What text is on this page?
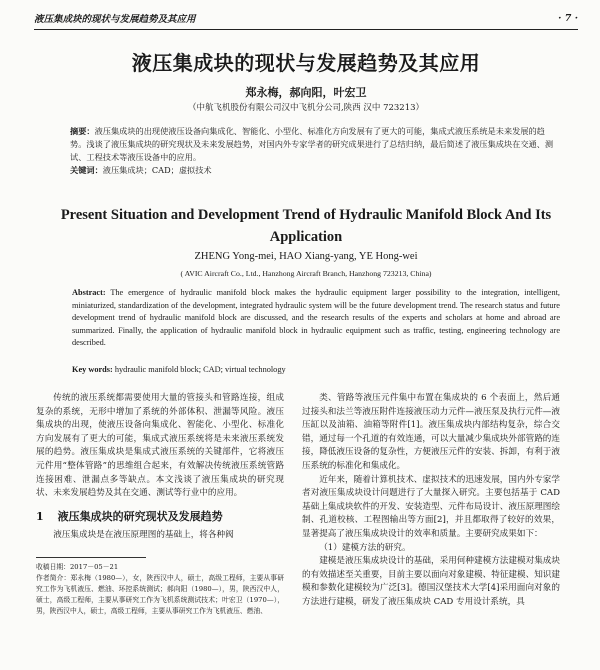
液压集成块的现状与发展趋势及其应用	· 7 ·
液压集成块的现状与发展趋势及其应用
郑永梅，郝向阳，叶宏卫
（中航飞机股份有限公司汉中飞机分公司,陕西 汉中 723213）
摘要：液压集成块的出现使液压设备向集成化、智能化、小型化、标准化方向发展有了更大的可能，集成式液压系统是未来发展的趋势。浅谈了液压集成块的研究现状及未来发展趋势，对国内外专家学者的研究成果进行了总结归纳，最后简述了液压集成块在交通、测试、工程技术等液压设备中的应用。
关键词：液压集成块；CAD；虚拟技术
Present Situation and Development Trend of Hydraulic Manifold Block And Its Application
ZHENG Yong-mei, HAO Xiang-yang, YE Hong-wei
( AVIC Aircraft Co., Ltd., Hanzhong Aircraft Branch, Hanzhong 723213, China)
Abstract: The emergence of hydraulic manifold block makes the hydraulic equipment larger possibility to the integration, intelligent, miniaturized, standardization of the development, integrated hydraulic system will be the future development trend. The research status and future development trend of hydraulic manifold block are discussed, and the research results of the experts and scholars at home and abroad are summarized. Finally, the application of hydraulic manifold block in hydraulic equipment such as traffic, testing, engineering technology are described.
Key words: hydraulic manifold block; CAD; virtual technology

传统的液压系统都需要使用大量的管接头和管路连接，组成复杂的系统，无形中增加了系统的外部体积、泄漏等风险。液压集成块的出现，使液压设备向集成化、智能化、小型化、标准化方向发展有了更大的可能，集成式液压系统将是未来液压系统发展的趋势。液压集成块是集成式液压系统的关键部件，它将液压元件用“整体管路”的思维组合起来，有效解决传统液压系统管路连接困难、泄漏点多等缺点。本文浅谈了液压集成块的研究现状、未来发展趋势及其在交通、测试等行业中的应用。

1 液压集成块的研究现状及发展趋势

液压集成块是在液压原理图的基础上，将各种阀

收稿日期：2017－05－21

作者简介：郑永梅（1980—），女，陕西汉中人，硕士，高级工程师，主要从事研究工作为飞机液压、燃油、环控系统测试；郝向阳（1980—），男，陕西汉中人，硕士，高级工程师，主要从事研究工作为飞机系统测试技术；叶宏卫（1970—），男，陕西汉中人，硕士，高级工程师，主要从事研究工作为飞机液压、燃油、

类、管路等液压元件集中布置在集成块的 6 个表面上，然后通过接头和法兰等液压附件连接液压动力元件—液压泵及执行元件—液压缸以及油箱、油箱等附件[1]。液压集成块内部结构复杂，综合交错，通过每一个孔道的有效连通，可以大量减少集成块外部管路的连接，降低液压设备的复杂性，方便液压元件的安装、拆卸，有利于液压系统的标准化和集成化。

近年来，随着计算机技术、虚拟技术的迅速发展，国内外专家学者对液压集成块设计问题进行了大量探入研究。主要包括基于 CAD 基础上集成块软件的开发、安装造型、元件布局设计、液压原理图绘制、孔道校核、工程图输出等方面[2]，并且都取得了较好的效果，显著提高了液压集成块设计的效率和质量。主要研究成果如下：

（1）建模方法的研究。

建模是液压集成块设计的基础，采用何种建模方法建模对集成块的有效描述至关重要，目前主要以面向对象建模、特征建模、知识建模和参数化建模较为广泛[3]。德国汉堡技术大学[4]采用面向对象的方法进行建模，研发了液压集成块 CAD 专用设计系统，具
